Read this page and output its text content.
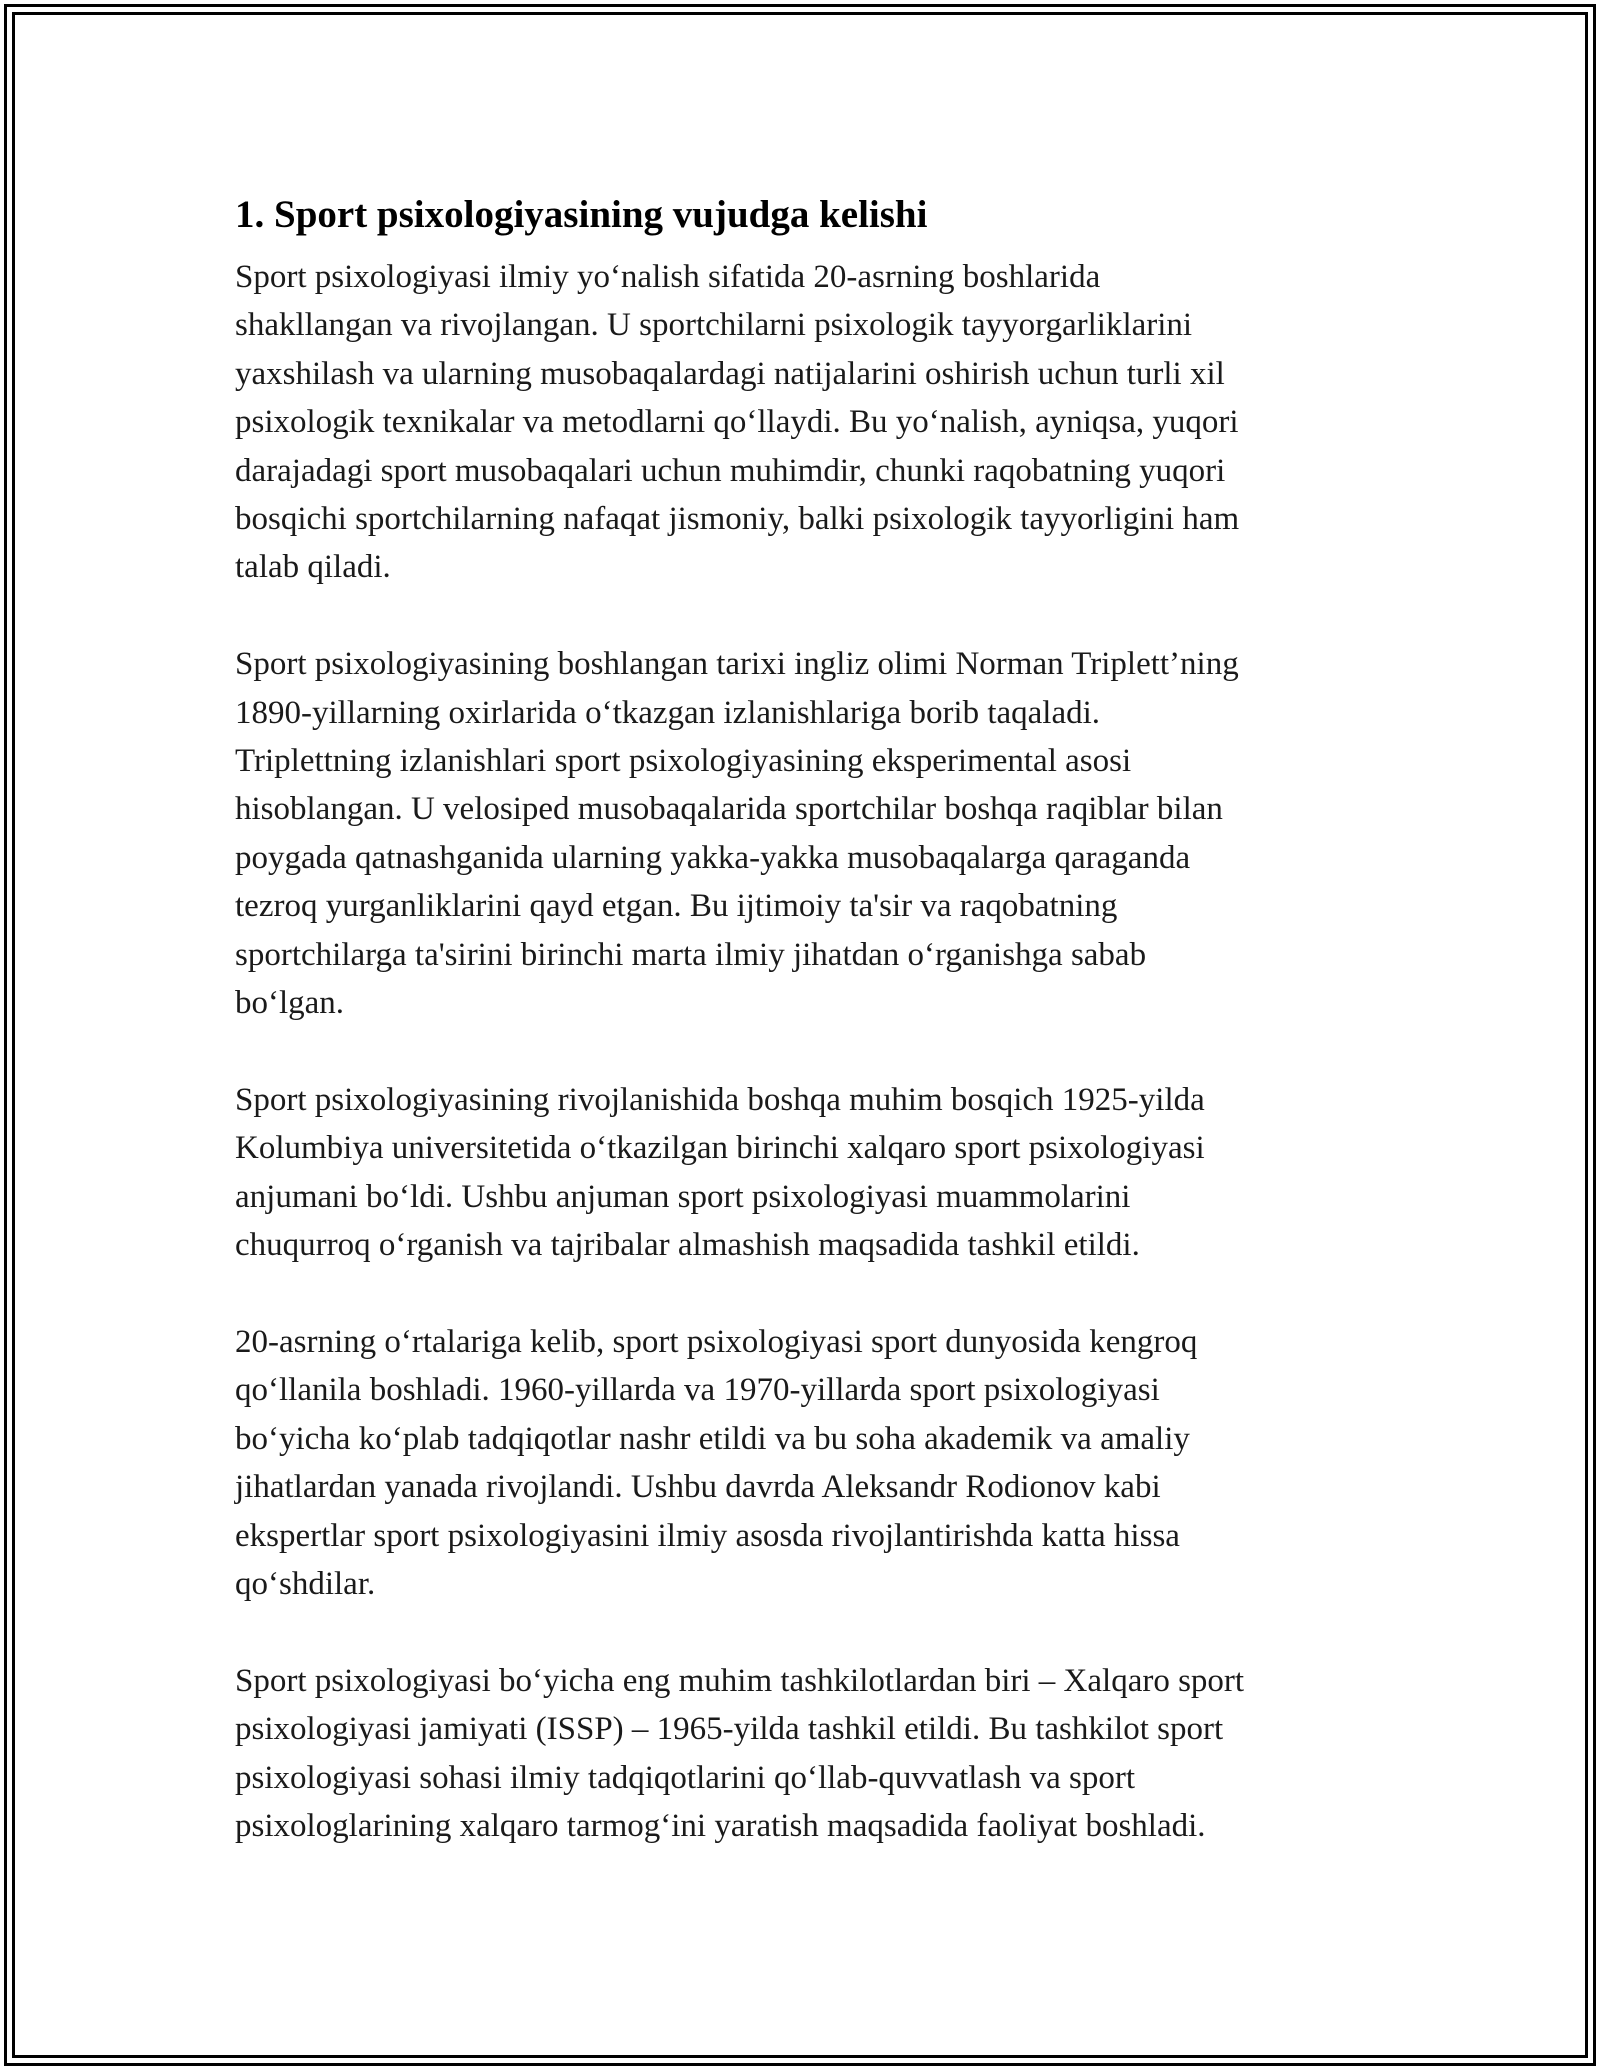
1. Sport psixologiyasining vujudga kelishi

Sport psixologiyasi ilmiy yo‘nalish sifatida 20-asrning boshlarida
shakllangan va rivojlangan. U sportchilarni psixologik tayyorgarliklarini
yaxshilash va ularning musobaqalardagi natijalarini oshirish uchun turli xil
psixologik texnikalar va metodlarni qo‘llaydi. Bu yo‘nalish, ayniqsa, yuqori
darajadagi sport musobaqalari uchun muhimdir, chunki raqobatning yuqori
bosqichi sportchilarning nafaqat jismoniy, balki psixologik tayyorligini ham
talab qiladi.

Sport psixologiyasining boshlangan tarixi ingliz olimi Norman Triplett’ning
1890-yillarning oxirlarida o‘tkazgan izlanishlariga borib taqaladi.
Triplettning izlanishlari sport psixologiyasining eksperimental asosi
hisoblangan. U velosiped musobaqalarida sportchilar boshqa raqiblar bilan
poygada qatnashganida ularning yakka-yakka musobaqalarga qaraganda
tezroq yurganliklarini qayd etgan. Bu ijtimoiy ta'sir va raqobatning
sportchilarga ta'sirini birinchi marta ilmiy jihatdan o‘rganishga sabab
bo‘lgan.

Sport psixologiyasining rivojlanishida boshqa muhim bosqich 1925-yilda
Kolumbiya universitetida o‘tkazilgan birinchi xalqaro sport psixologiyasi
anjumani bo‘ldi. Ushbu anjuman sport psixologiyasi muammolarini
chuqurroq o‘rganish va tajribalar almashish maqsadida tashkil etildi.

20-asrning o‘rtalariga kelib, sport psixologiyasi sport dunyosida kengroq
qo‘llanila boshladi. 1960-yillarda va 1970-yillarda sport psixologiyasi
bo‘yicha ko‘plab tadqiqotlar nashr etildi va bu soha akademik va amaliy
jihatlardan yanada rivojlandi. Ushbu davrda Aleksandr Rodionov kabi
ekspertlar sport psixologiyasini ilmiy asosda rivojlantirishda katta hissa
qo‘shdilar.

Sport psixologiyasi bo‘yicha eng muhim tashkilotlardan biri – Xalqaro sport
psixologiyasi jamiyati (ISSP) – 1965-yilda tashkil etildi. Bu tashkilot sport
psixologiyasi sohasi ilmiy tadqiqotlarini qo‘llab-quvvatlash va sport
psixologlarining xalqaro tarmog‘ini yaratish maqsadida faoliyat boshladi.
